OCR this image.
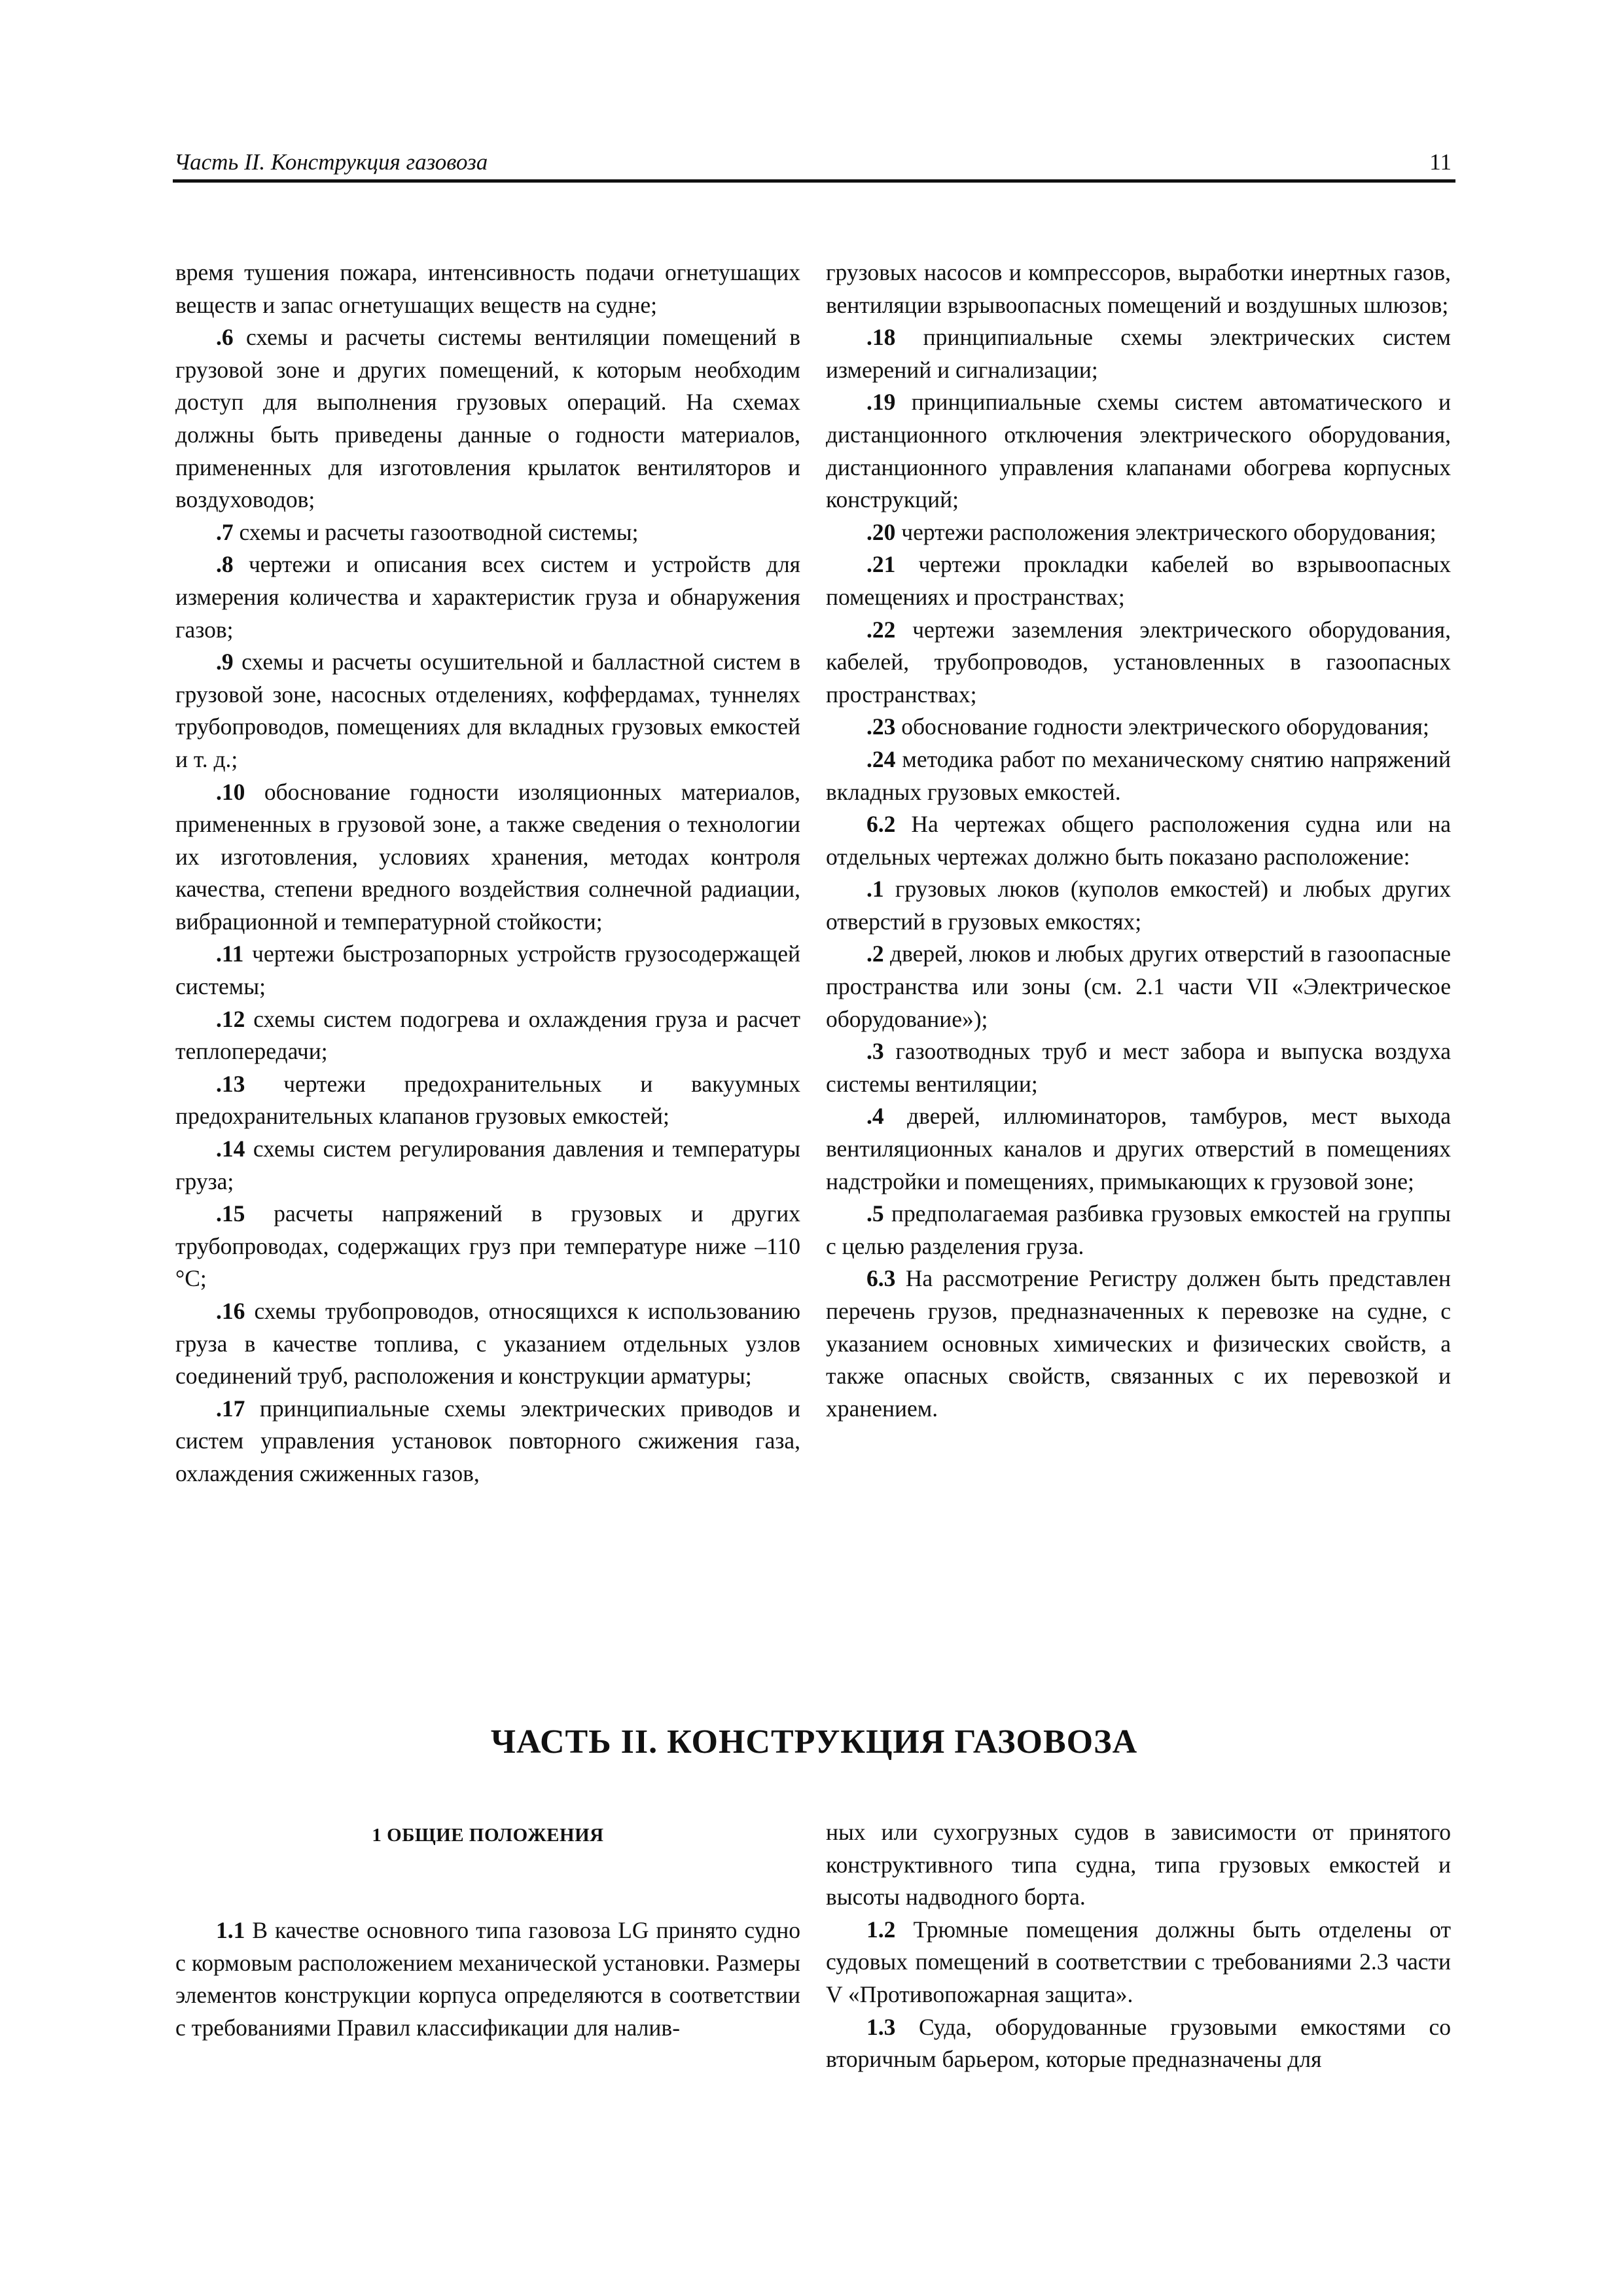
Часть II. Конструкция газовоза	11

время тушения пожара, интенсивность подачи огнетушащих веществ и запас огнетушащих веществ на судне;

.6 схемы и расчеты системы вентиляции помещений в грузовой зоне и других помещений, к которым необходим доступ для выполнения грузовых операций. На схемах должны быть приведены данные о годности материалов, примененных для изготовления крылаток вентиляторов и воздуховодов;

.7 схемы и расчеты газоотводной системы;

.8 чертежи и описания всех систем и устройств для измерения количества и характеристик груза и обнаружения газов;

.9 схемы и расчеты осушительной и балластной систем в грузовой зоне, насосных отделениях, коффердамах, туннелях трубопроводов, помещениях для вкладных грузовых емкостей и т. д.;

.10 обоснование годности изоляционных материалов, примененных в грузовой зоне, а также сведения о технологии их изготовления, условиях хранения, методах контроля качества, степени вредного воздействия солнечной радиации, вибрационной и температурной стойкости;

.11 чертежи быстрозапорных устройств грузосодержащей системы;

.12 схемы систем подогрева и охлаждения груза и расчет теплопередачи;

.13 чертежи предохранительных и вакуумных предохранительных клапанов грузовых емкостей;

.14 схемы систем регулирования давления и температуры груза;

.15 расчеты напряжений в грузовых и других трубопроводах, содержащих груз при температуре ниже –110 °C;

.16 схемы трубопроводов, относящихся к использованию груза в качестве топлива, с указанием отдельных узлов соединений труб, расположения и конструкции арматуры;

.17 принципиальные схемы электрических приводов и систем управления установок повторного сжижения газа, охлаждения сжиженных газов,

грузовых насосов и компрессоров, выработки инертных газов, вентиляции взрывоопасных помещений и воздушных шлюзов;

.18 принципиальные схемы электрических систем измерений и сигнализации;

.19 принципиальные схемы систем автоматического и дистанционного отключения электрического оборудования, дистанционного управления клапанами обогрева корпусных конструкций;

.20 чертежи расположения электрического оборудования;

.21 чертежи прокладки кабелей во взрывоопасных помещениях и пространствах;

.22 чертежи заземления электрического оборудования, кабелей, трубопроводов, установленных в газоопасных пространствах;

.23 обоснование годности электрического оборудования;

.24 методика работ по механическому снятию напряжений вкладных грузовых емкостей.

6.2 На чертежах общего расположения судна или на отдельных чертежах должно быть показано расположение:

.1 грузовых люков (куполов емкостей) и любых других отверстий в грузовых емкостях;

.2 дверей, люков и любых других отверстий в газоопасные пространства или зоны (см. 2.1 части VII «Электрическое оборудование»);

.3 газоотводных труб и мест забора и выпуска воздуха системы вентиляции;

.4 дверей, иллюминаторов, тамбуров, мест выхода вентиляционных каналов и других отверстий в помещениях надстройки и помещениях, примыкающих к грузовой зоне;

.5 предполагаемая разбивка грузовых емкостей на группы с целью разделения груза.

6.3 На рассмотрение Регистру должен быть представлен перечень грузов, предназначенных к перевозке на судне, с указанием основных химических и физических свойств, а также опасных свойств, связанных с их перевозкой и хранением.

ЧАСТЬ II. КОНСТРУКЦИЯ ГАЗОВОЗА
1 ОБЩИЕ ПОЛОЖЕНИЯ

1.1 В качестве основного типа газовоза LG принято судно с кормовым расположением механической установки. Размеры элементов конструкции корпуса определяются в соответствии с требованиями Правил классификации для налив-

ных или сухогрузных судов в зависимости от принятого конструктивного типа судна, типа грузовых емкостей и высоты надводного борта.

1.2 Трюмные помещения должны быть отделены от судовых помещений в соответствии с требованиями 2.3 части V «Противопожарная защита».

1.3 Суда, оборудованные грузовыми емкостями со вторичным барьером, которые предназначены для
